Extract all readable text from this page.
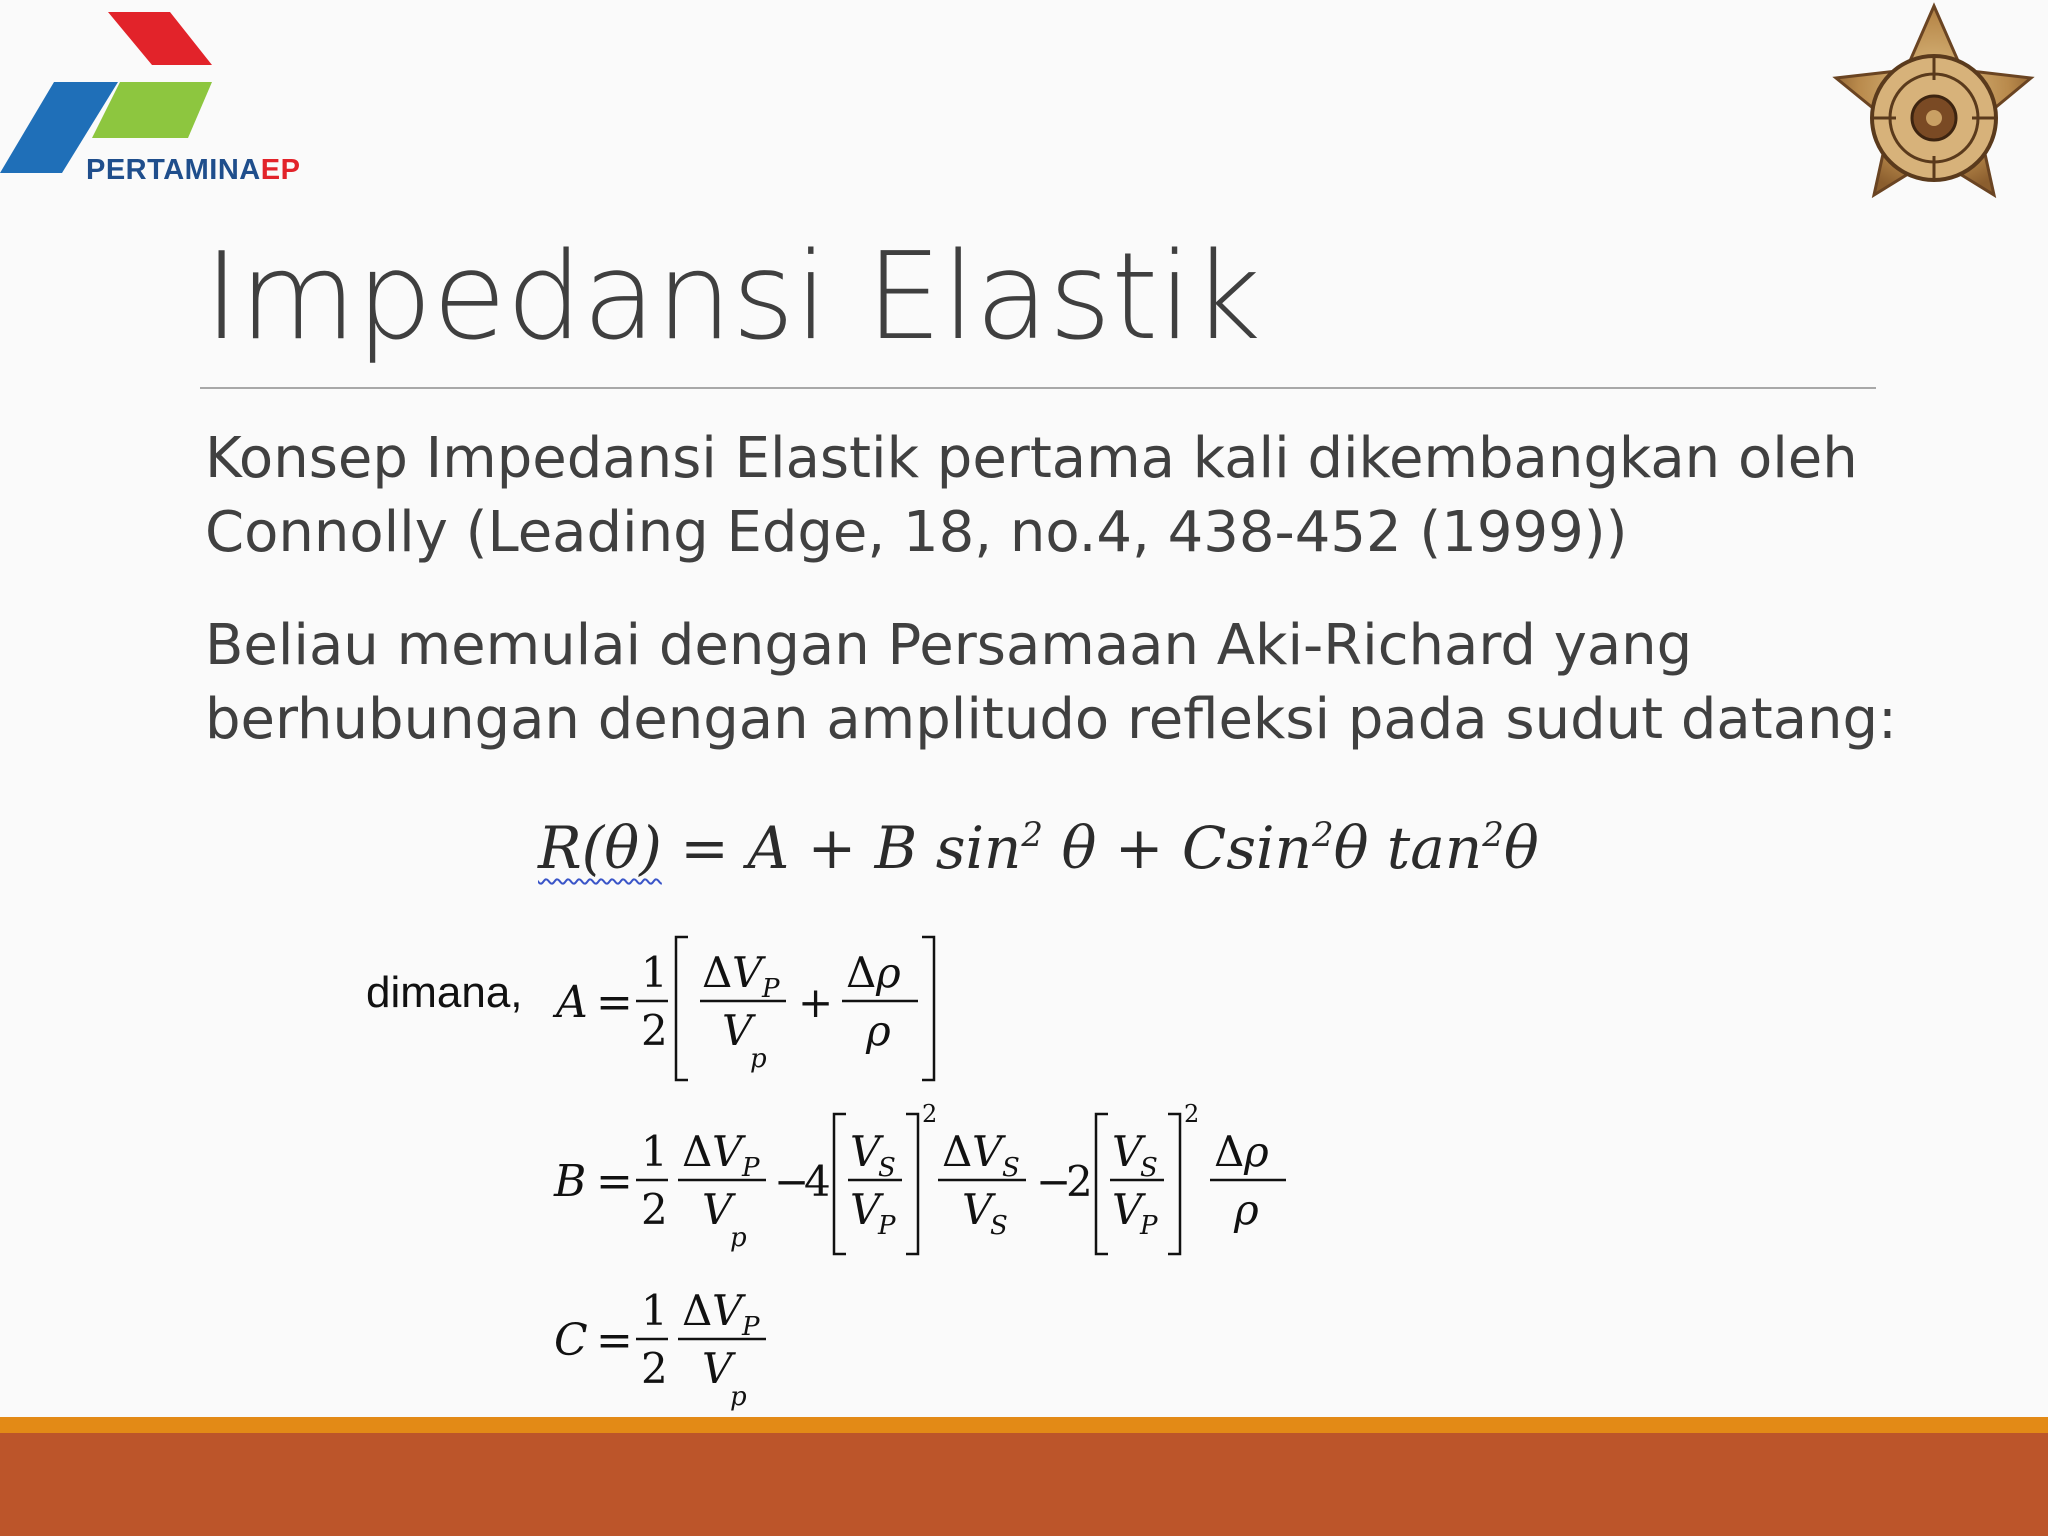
PERTAMINAEP
Impedansi Elastik
Konsep Impedansi Elastik pertama kali dikembangkan oleh Connolly (Leading Edge, 18, no.4, 438-452 (1999))
Beliau memulai dengan Persamaan Aki-Richard yang berhubungan dengan amplitudo refleksi pada sudut datang:
R(θ) = A + B $\sin^2 \theta + Csin^2\theta$ $\tan^2\theta$
dimana, A =
1
2
Δ V P
V
p
+
Δ ρ
ρ
B =
1
2
Δ V P
V
p
−
4
V
S
V
P
2
Δ V S
V
S
−
2
V
S
V
P
2
Δ ρ
ρ
C =
1
2
Δ V P
V
p
